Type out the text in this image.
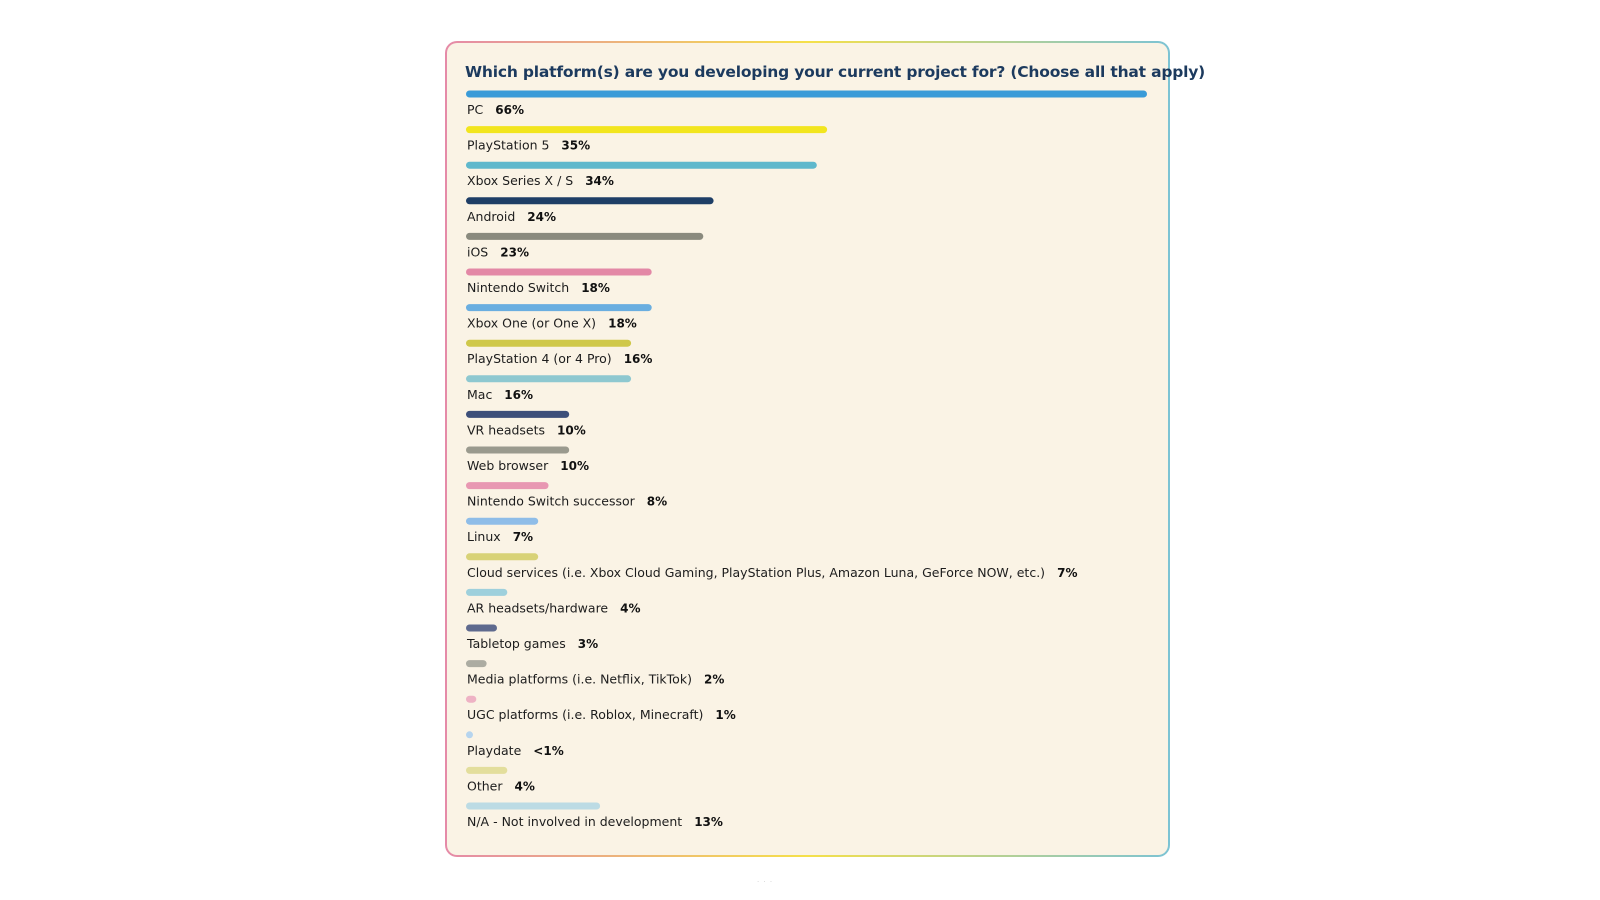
Which platform(s) are you developing your current project for? (Choose all that apply)
PC 66%
PlayStation 5 35%
Xbox Series X / S 34%
Android 24%
iOS 23%
Nintendo Switch 18%
Xbox One (or One X) 18%
PlayStation 4 (or 4 Pro) 16%
Mac 16%
VR headsets 10%
Web browser 10%
Nintendo Switch successor 8%
Linux 7%
Cloud services (i.e. Xbox Cloud Gaming, PlayStation Plus, Amazon Luna, GeForce NOW, etc.) 7%
AR headsets/hardware 4%
Tabletop games 3%
Media platforms (i.e. Netflix, TikTok) 2%
UGC platforms (i.e. Roblox, Minecraft) 1%
Playdate <1%
Other 4%
N/A - Not involved in development 13%
· · ·
